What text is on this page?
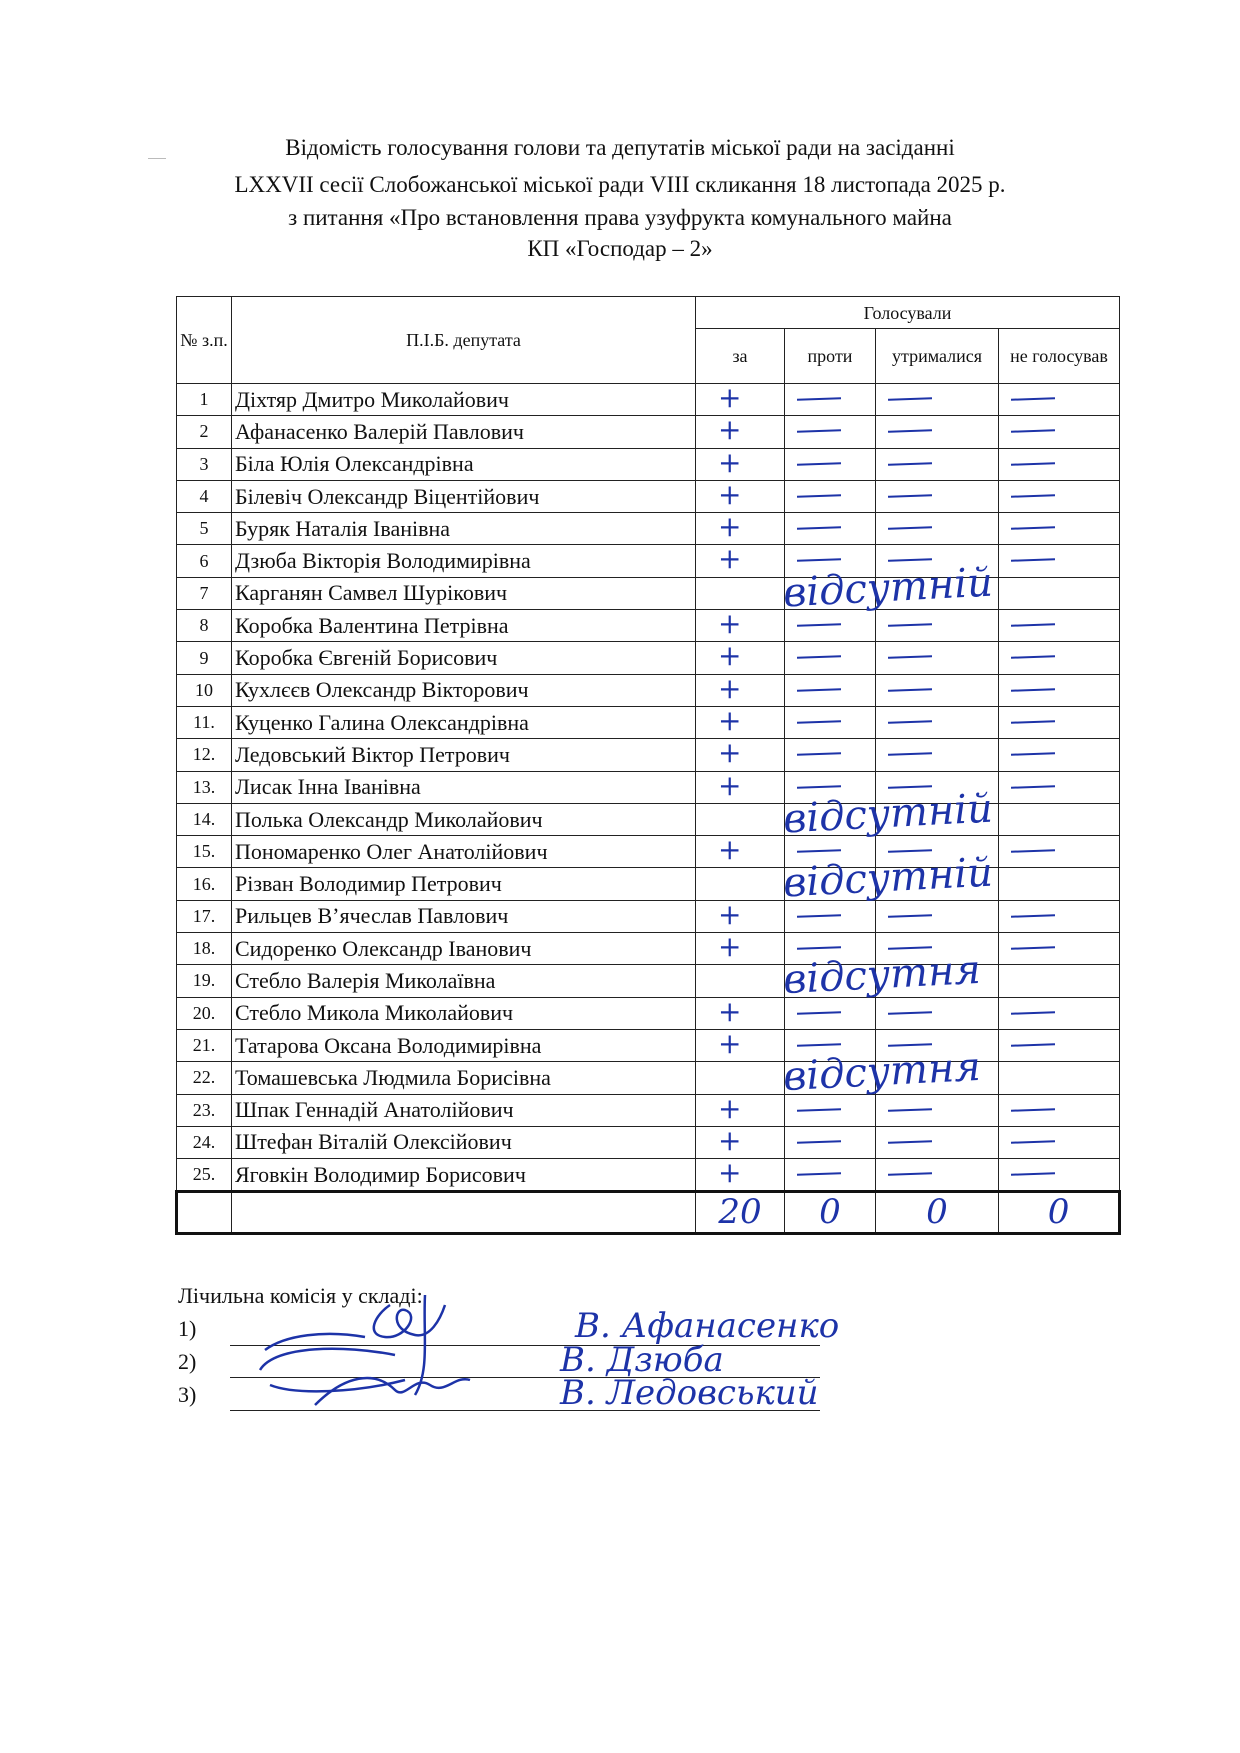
Відомість голосування голови та депутатів міської ради на засіданні
LXXVII сесії Слобожанської міської ради VIII скликання 18 листопада 2025 р.
з питання «Про встановлення права узуфрукта комунального майна
КП «Господар – 2»
№ з.п.	П.І.Б. депутата	Голосували			
		за	проти	утрималися	не голосував
1	Діхтяр Дмитро Миколайович	+			

2	Афанасенко Валерій Павлович	+			

3	Біла Юлія Олександрівна	+			

4	Білевіч Олександр Віцентійович	+			

5	Буряк Наталія Іванівна	+			

6	Дзюба Вікторія Володимирівна	+			

7	Карганян Самвел Шурікович		відсутній		

8	Коробка Валентина Петрівна	+			

9	Коробка Євгеній Борисович	+			

10	Кухлєєв Олександр Вікторович	+			

11.	Куценко Галина Олександрівна	+			

12.	Ледовський Віктор Петрович	+			

13.	Лисак Інна Іванівна	+			

14.	Полька Олександр Миколайович		відсутній		

15.	Пономаренко Олег Анатолійович	+			

16.	Різван Володимир Петрович		відсутній		

17.	Рильцев В’ячеслав Павлович	+			

18.	Сидоренко Олександр Іванович	+			

19.	Стебло Валерія Миколаївна		відсутня		

20.	Стебло Микола Миколайович	+			

21.	Татарова Оксана Володимирівна	+			

22.	Томашевська Людмила Борисівна		відсутня		

23.	Шпак Геннадій Анатолійович	+			

24.	Штефан Віталій Олексійович	+			

25.	Яговкін Володимир Борисович	+			

		20	0	0	0
Лічильна комісія у складі:
1)	В. Афанасенко
2)	В. Дзюба
3)	В. Ледовський
